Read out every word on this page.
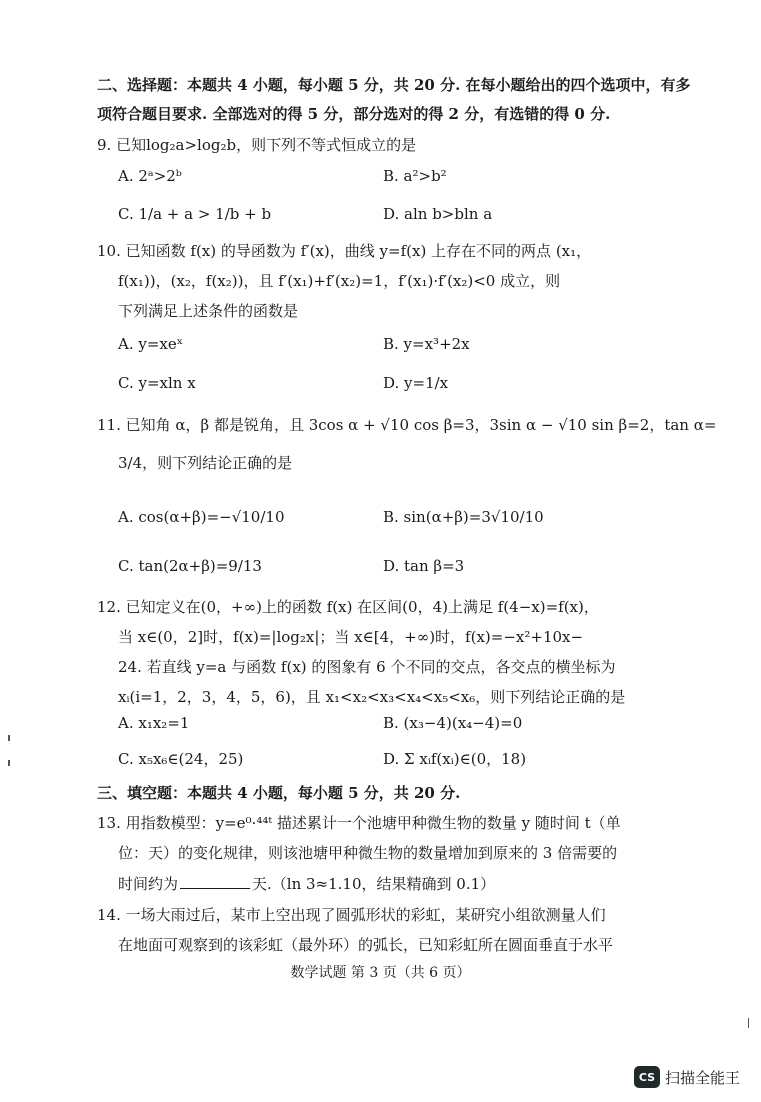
二、选择题：本题共 4 小题，每小题 5 分，共 20 分. 在每小题给出的四个选项中，有多
项符合题目要求. 全部选对的得 5 分，部分选对的得 2 分，有选错的得 0 分.
9. 已知log₂a>log₂b，则下列不等式恒成立的是
A. 2ᵃ>2ᵇ	B. a²>b²
C. 1/a + a > 1/b + b	D. aln b>bln a
10. 已知函数 f(x) 的导函数为 f′(x)，曲线 y=f(x) 上存在不同的两点 (x₁，
f(x₁))，(x₂，f(x₂))，且 f′(x₁)+f′(x₂)=1，f′(x₁)·f′(x₂)<0 成立，则
下列满足上述条件的函数是
A. y=xeˣ	B. y=x³+2x
C. y=xln x	D. y=1/x
11. 已知角 α，β 都是锐角，且 3cos α + √10 cos β=3，3sin α − √10 sin β=2，tan α=
3/4，则下列结论正确的是
A. cos(α+β)=−√10/10	B. sin(α+β)=3√10/10
C. tan(2α+β)=9/13	D. tan β=3
12. 已知定义在(0，+∞)上的函数 f(x) 在区间(0，4)上满足 f(4−x)=f(x)，
当 x∈(0，2]时，f(x)=|log₂x|；当 x∈[4，+∞)时，f(x)=−x²+10x−
24. 若直线 y=a 与函数 f(x) 的图象有 6 个不同的交点，各交点的横坐标为
xᵢ(i=1，2，3，4，5，6)，且 x₁<x₂<x₃<x₄<x₅<x₆，则下列结论正确的是
A. x₁x₂=1	B. (x₃−4)(x₄−4)=0
C. x₅x₆∈(24，25)	D. Σ xᵢf(xᵢ)∈(0，18)
三、填空题：本题共 4 小题，每小题 5 分，共 20 分.
13. 用指数模型：y=e⁰·⁴⁴ᵗ 描述累计一个池塘甲种微生物的数量 y 随时间 t（单
位：天）的变化规律，则该池塘甲种微生物的数量增加到原来的 3 倍需要的
时间约为	天.（ln 3≈1.10，结果精确到 0.1）
14. 一场大雨过后，某市上空出现了圆弧形状的彩虹，某研究小组欲测量人们
在地面可观察到的该彩虹（最外环）的弧长，已知彩虹所在圆面垂直于水平
数学试题 第 3 页（共 6 页）
CS 扫描全能王
